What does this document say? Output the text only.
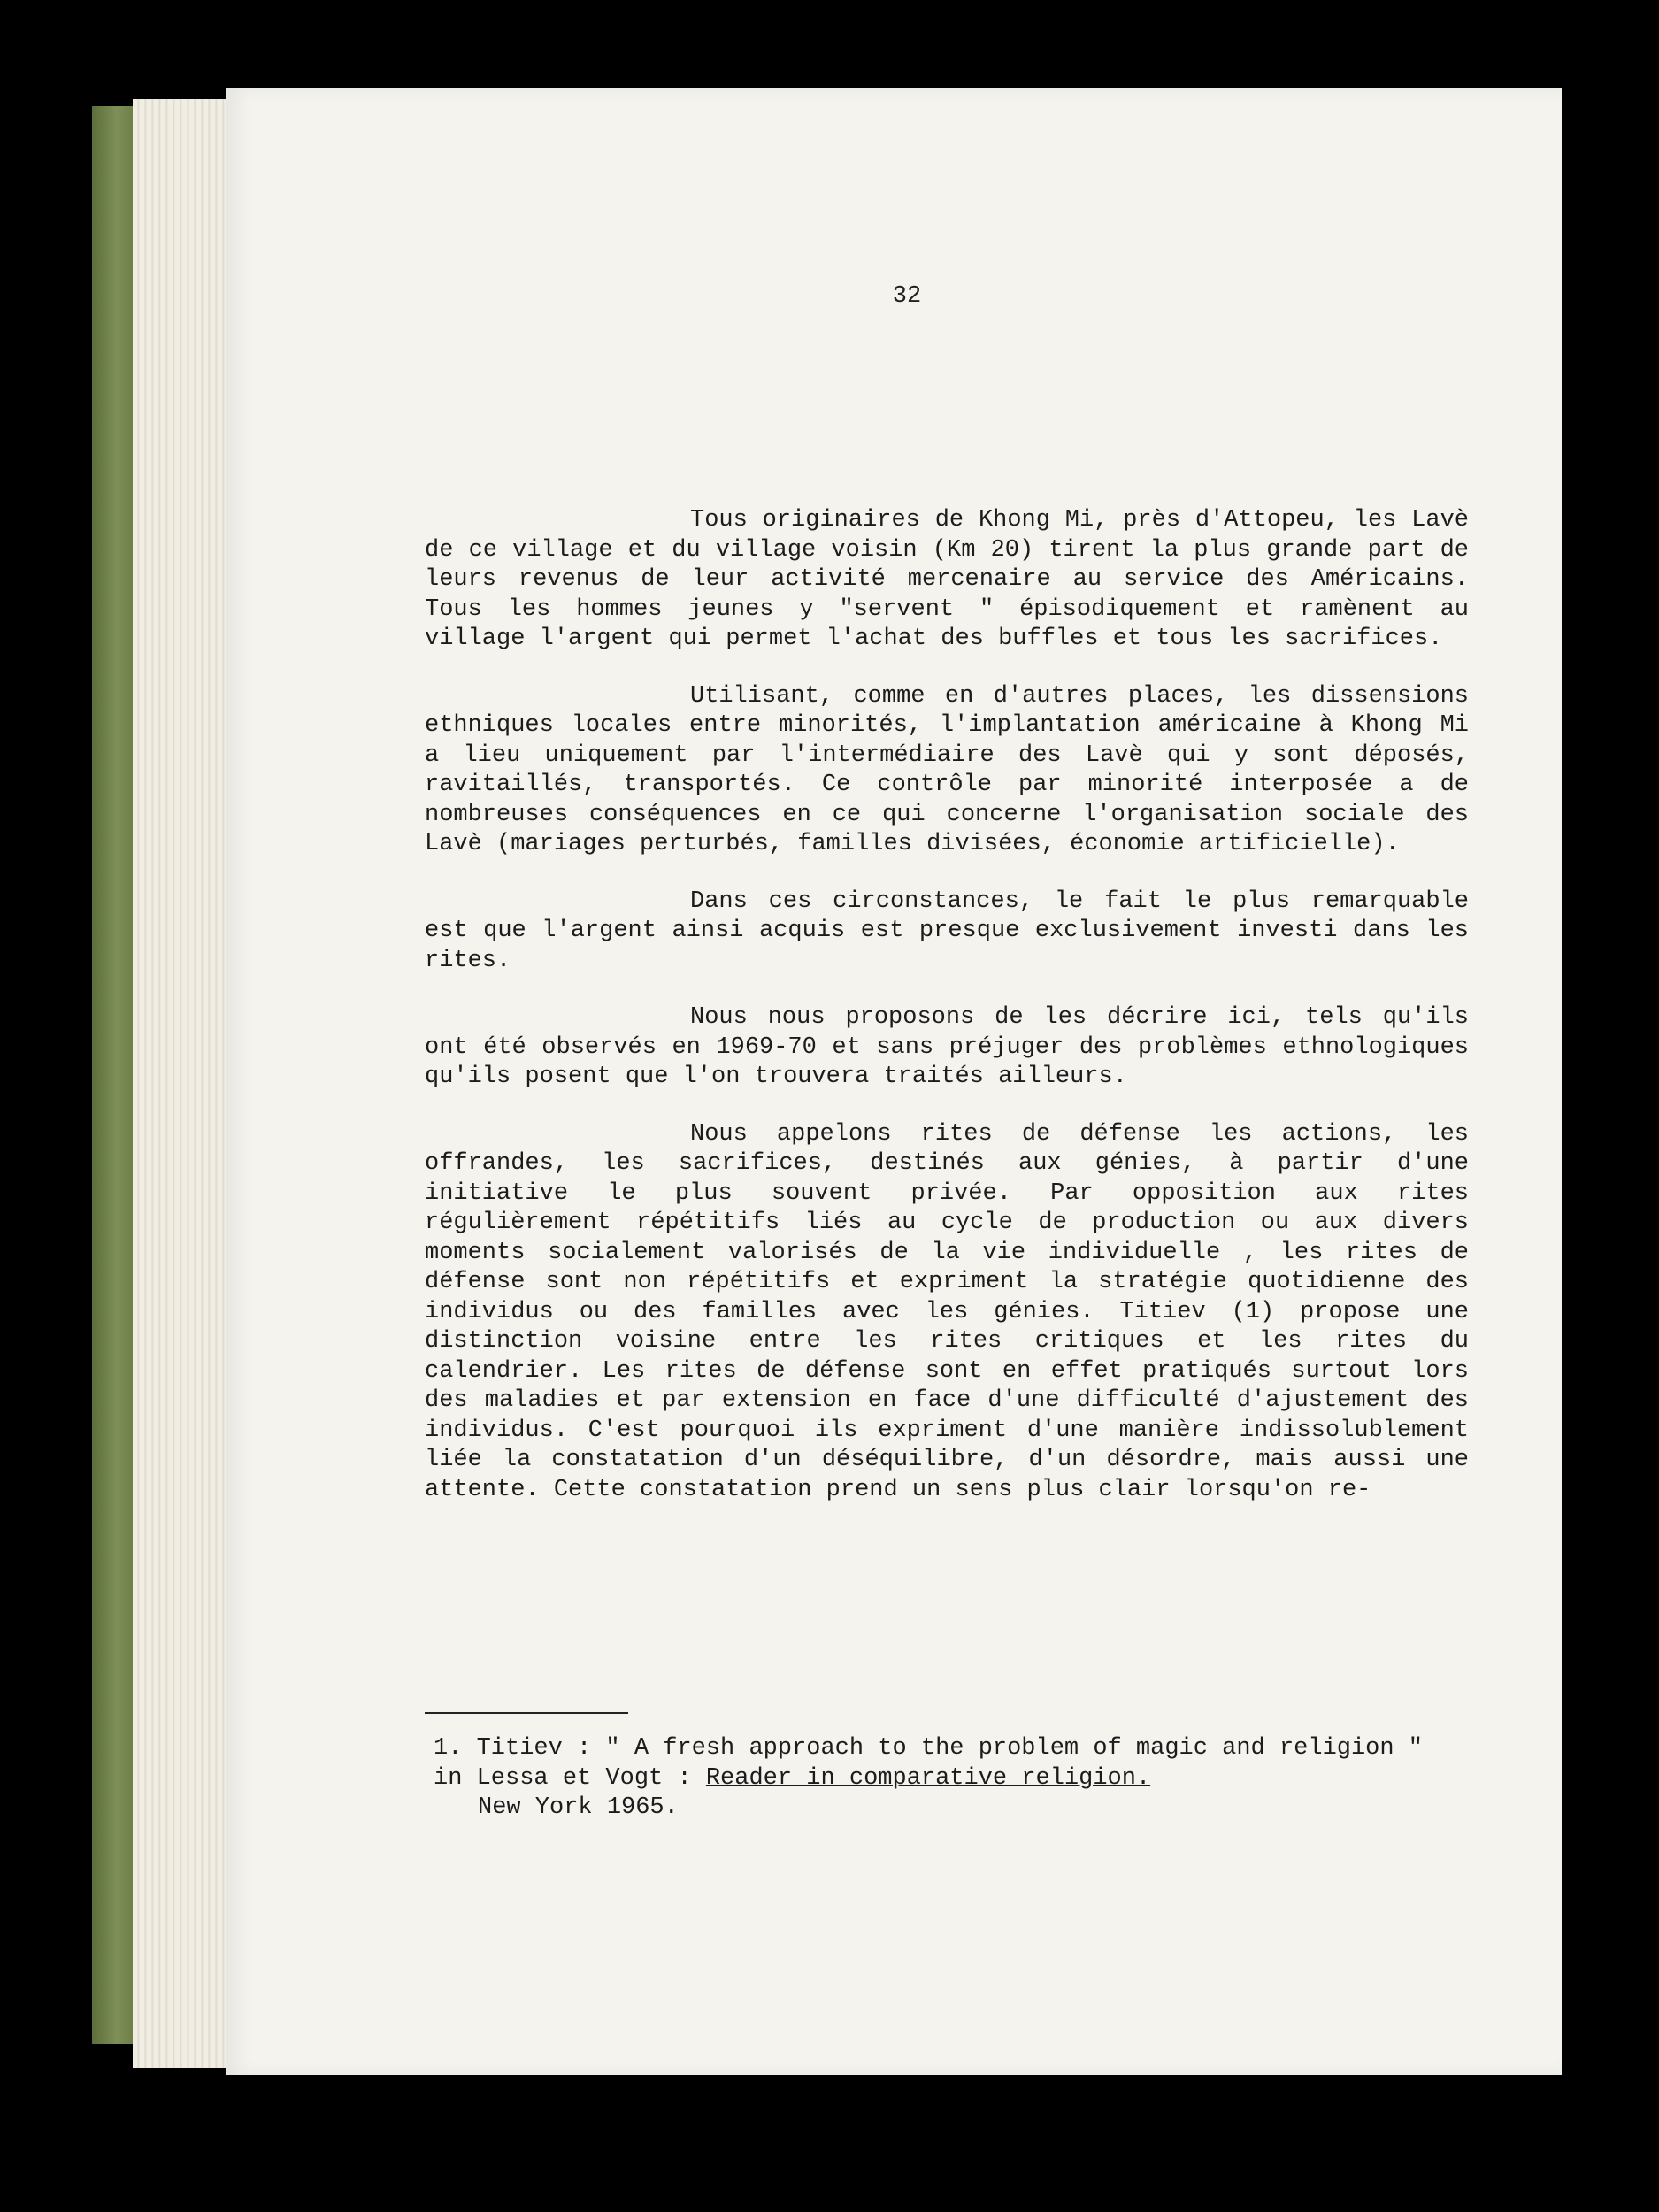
32

Tous originaires de Khong Mi, près d'Attopeu, les Lavè de ce village et du village voisin (Km 20) tirent la plus grande part de leurs revenus de leur activité mercenaire au service des Américains. Tous les hommes jeunes y "servent " épisodiquement et ramènent au village l'argent qui permet l'achat des buffles et tous les sacrifices.

Utilisant, comme en d'autres places, les dissensions ethniques locales entre minorités, l'implantation américaine à Khong Mi a lieu uniquement par l'intermédiaire des Lavè qui y sont déposés, ravitaillés, transportés. Ce contrôle par minorité interposée a de nombreuses conséquences en ce qui concerne l'organisation sociale des Lavè (mariages perturbés, familles divisées, économie artificielle).

Dans ces circonstances, le fait le plus remarquable est que l'argent ainsi acquis est presque exclusivement investi dans les rites.

Nous nous proposons de les décrire ici, tels qu'ils ont été observés en 1969-70 et sans préjuger des problèmes ethnologiques qu'ils posent que l'on trouvera traités ailleurs.

Nous appelons rites de défense les actions, les offrandes, les sacrifices, destinés aux génies, à partir d'une initiative le plus souvent privée. Par opposition aux rites régulièrement répétitifs liés au cycle de production ou aux divers moments socialement valorisés de la vie individuelle , les rites de défense sont non répétitifs et expriment la stratégie quotidienne des individus ou des familles avec les génies. Titiev (1) propose une distinction voisine entre les rites critiques et les rites du calendrier. Les rites de défense sont en effet pratiqués surtout lors des maladies et par extension en face d'une difficulté d'ajustement des individus. C'est pourquoi ils expriment d'une manière indissolublement liée la constatation d'un déséquilibre, d'un désordre, mais aussi une attente. Cette constatation prend un sens plus clair lorsqu'on re-

1. Titiev : " A fresh approach to the problem of magic and religion " in Lessa et Vogt : Reader in comparative religion.
New York 1965.
